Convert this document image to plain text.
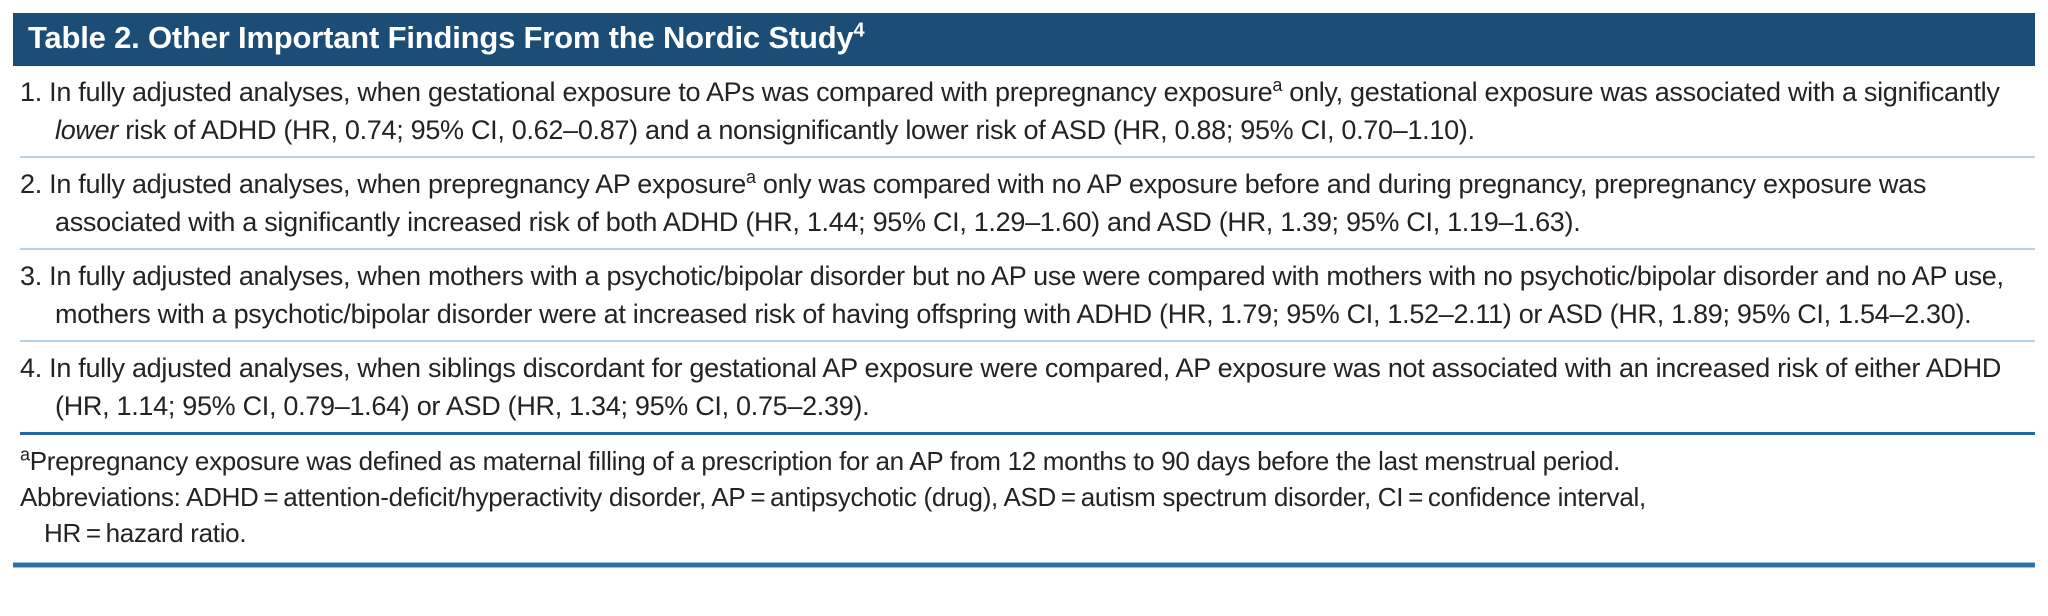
Table 2. Other Important Findings From the Nordic Study$^4$
1. In fully adjusted analyses, when gestational exposure to APs was compared with prepregnancy exposure$^a$ only, gestational exposure was associated with a significantly lower risk of ADHD (HR, 0.74; 95% CI, 0.62–0.87) and a nonsignificantly lower risk of ASD (HR, 0.88; 95% CI, 0.70–1.10).
2. In fully adjusted analyses, when prepregnancy AP exposure$^a$ only was compared with no AP exposure before and during pregnancy, prepregnancy exposure was associated with a significantly increased risk of both ADHD (HR, 1.44; 95% CI, 1.29–1.60) and ASD (HR, 1.39; 95% CI, 1.19–1.63).
3. In fully adjusted analyses, when mothers with a psychotic/bipolar disorder but no AP use were compared with mothers with no psychotic/bipolar disorder and no AP use, mothers with a psychotic/bipolar disorder were at increased risk of having offspring with ADHD (HR, 1.79; 95% CI, 1.52–2.11) or ASD (HR, 1.89; 95% CI, 1.54–2.30).
4. In fully adjusted analyses, when siblings discordant for gestational AP exposure were compared, AP exposure was not associated with an increased risk of either ADHD (HR, 1.14; 95% CI, 0.79–1.64) or ASD (HR, 1.34; 95% CI, 0.75–2.39).
$^a$Prepregnancy exposure was defined as maternal filling of a prescription for an AP from 12 months to 90 days before the last menstrual period.
Abbreviations: ADHD = attention-deficit/hyperactivity disorder, AP = antipsychotic (drug), ASD = autism spectrum disorder, CI = confidence interval,
HR = hazard ratio.
